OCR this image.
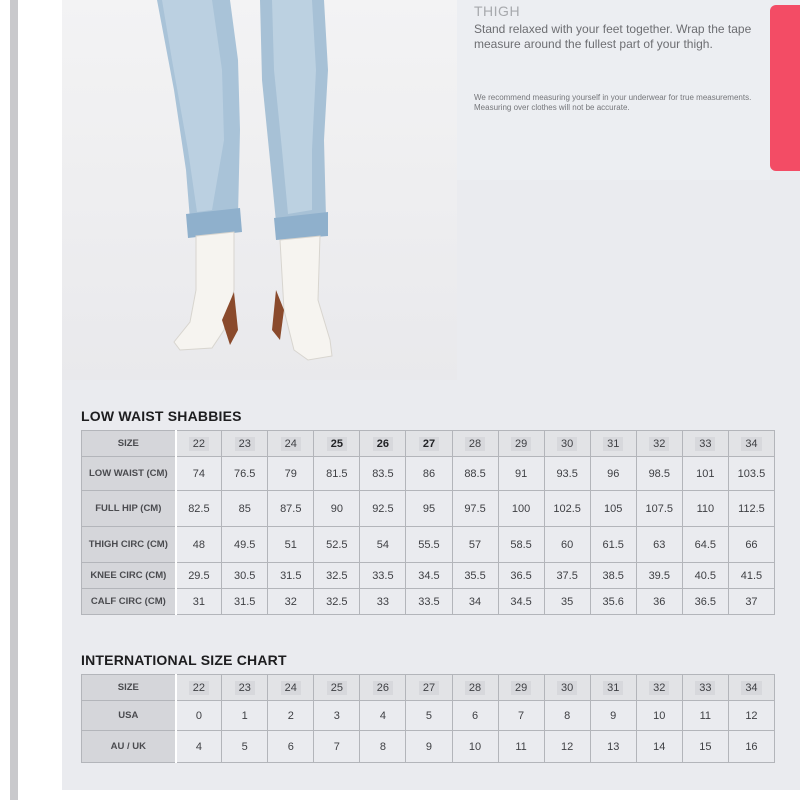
THIGH
Stand relaxed with your feet together. Wrap the tape measure around the fullest part of your thigh.
We recommend measuring yourself in your underwear for true measurements. Measuring over clothes will not be accurate.
LOW WAIST SHABBIES
SIZE	22	23	24	25	26	27	28	29	30	31	32	33	34
LOW WAIST (CM)	74	76.5	79	81.5	83.5	86	88.5	91	93.5	96	98.5	101	103.5
FULL HIP (CM)	82.5	85	87.5	90	92.5	95	97.5	100	102.5	105	107.5	110	112.5
THIGH CIRC (CM)	48	49.5	51	52.5	54	55.5	57	58.5	60	61.5	63	64.5	66
KNEE CIRC (CM)	29.5	30.5	31.5	32.5	33.5	34.5	35.5	36.5	37.5	38.5	39.5	40.5	41.5
CALF CIRC (CM)	31	31.5	32	32.5	33	33.5	34	34.5	35	35.6	36	36.5	37
INTERNATIONAL SIZE CHART
SIZE	22	23	24	25	26	27	28	29	30	31	32	33	34
USA	0	1	2	3	4	5	6	7	8	9	10	11	12
AU / UK	4	5	6	7	8	9	10	11	12	13	14	15	16
